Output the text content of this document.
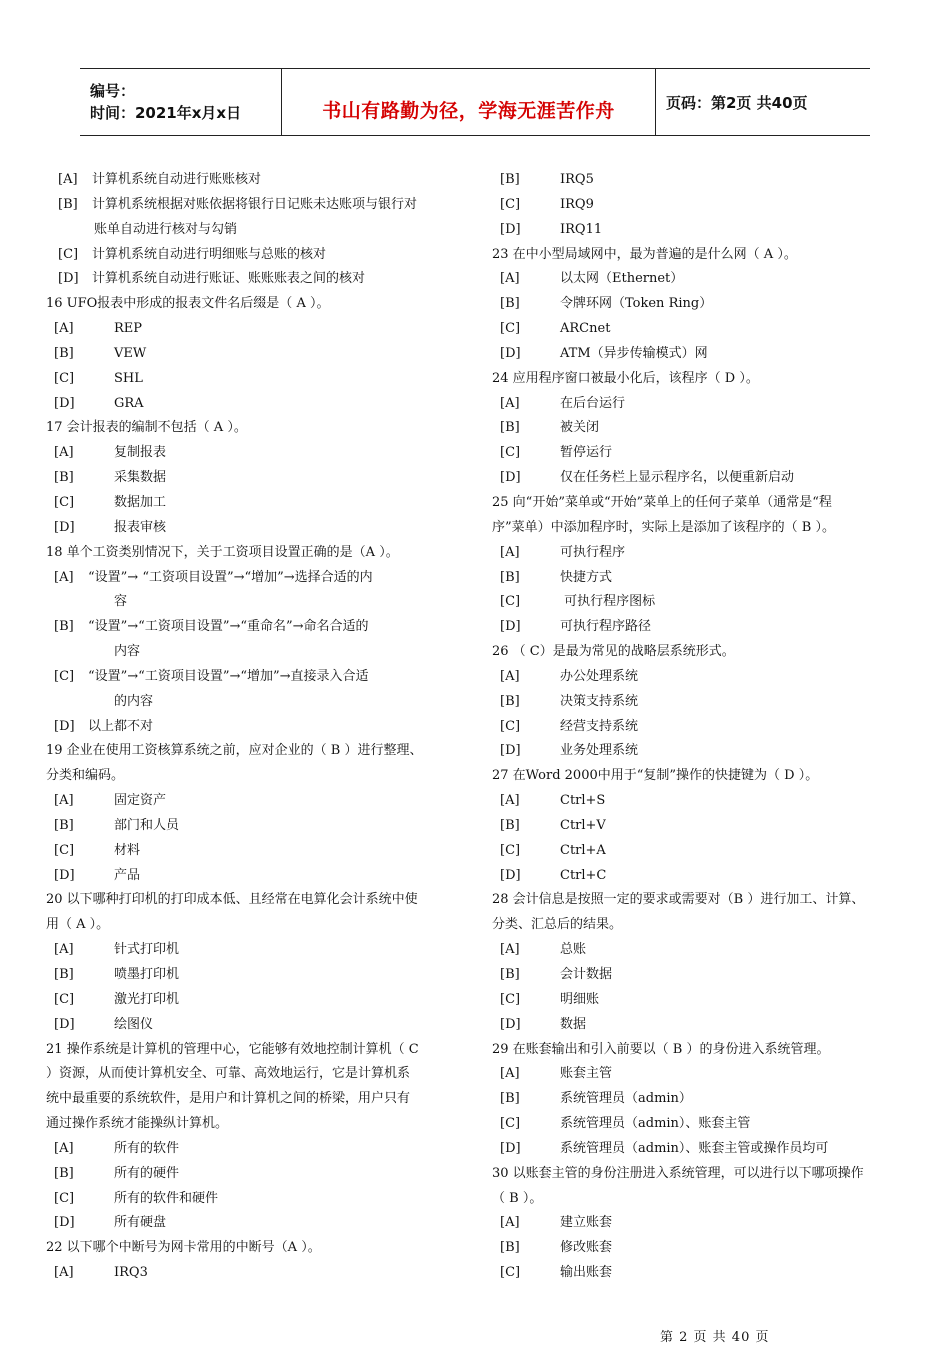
编号：
时间：2021年x月x日	书山有路勤为径，学海无涯苦作舟	页码：第2页 共40页
[A] 计算机系统自动进行账账核对
[B] 计算机系统根据对账依据将银行日记账未达账项与银行对
账单自动进行核对与勾销
[C] 计算机系统自动进行明细账与总账的核对
[D] 计算机系统自动进行账证、账账账表之间的核对
16 UFO报表中形成的报表文件名后缀是（ A ）。
[A]	REP
[B]	VEW
[C]	SHL
[D]	GRA
17 会计报表的编制不包括（ A ）。
[A]	复制报表
[B]	采集数据
[C]	数据加工
[D]	报表审核
18 单个工资类别情况下，关于工资项目设置正确的是（A ）。
[A] “设置”→ “工资项目设置”→“增加”→选择合适的内
容
[B] “设置”→“工资项目设置”→“重命名”→命名合适的
内容
[C] “设置”→“工资项目设置”→“增加”→直接录入合适
的内容
[D] 以上都不对
19 企业在使用工资核算系统之前，应对企业的（ B ）进行整理、
分类和编码。
[A]	固定资产
[B]	部门和人员
[C]	材料
[D]	产品
20 以下哪种打印机的打印成本低、且经常在电算化会计系统中使
用（ A ）。
[A]	针式打印机
[B]	喷墨打印机
[C]	激光打印机
[D]	绘图仪
21 操作系统是计算机的管理中心，它能够有效地控制计算机（ C
）资源，从而使计算机安全、可靠、高效地运行，它是计算机系
统中最重要的系统软件，是用户和计算机之间的桥梁，用户只有
通过操作系统才能操纵计算机。
[A]	所有的软件
[B]	所有的硬件
[C]	所有的软件和硬件
[D]	所有硬盘
22 以下哪个中断号为网卡常用的中断号（A ）。
[A]	IRQ3
[B]	IRQ5
[C]	IRQ9
[D]	IRQ11
23 在中小型局域网中，最为普遍的是什么网（ A ）。
[A]	以太网（Ethernet）
[B]	令牌环网（Token Ring）
[C]	ARCnet
[D]	ATM（异步传输模式）网
24 应用程序窗口被最小化后，该程序（ D ）。
[A]	在后台运行
[B]	被关闭
[C]	暂停运行
[D]	仅在任务栏上显示程序名，以便重新启动
25 向“开始”菜单或“开始”菜单上的任何子菜单（通常是“程
序”菜单）中添加程序时，实际上是添加了该程序的（ B ）。
[A]	可执行程序
[B]	快捷方式
[C]	可执行程序图标
[D]	可执行程序路径
26 （ C）是最为常见的战略层系统形式。
[A]	办公处理系统
[B]	决策支持系统
[C]	经营支持系统
[D]	业务处理系统
27 在Word 2000中用于“复制”操作的快捷键为（ D ）。
[A]	Ctrl+S
[B]	Ctrl+V
[C]	Ctrl+A
[D]	Ctrl+C
28 会计信息是按照一定的要求或需要对（B ）进行加工、计算、
分类、汇总后的结果。
[A]	总账
[B]	会计数据
[C]	明细账
[D]	数据
29 在账套输出和引入前要以（ B ）的身份进入系统管理。
[A]	账套主管
[B]	系统管理员（admin）
[C]	系统管理员（admin）、账套主管
[D]	系统管理员（admin）、账套主管或操作员均可
30 以账套主管的身份注册进入系统管理，可以进行以下哪项操作
（ B ）。
[A]	建立账套
[B]	修改账套
[C]	输出账套
第 2 页 共 40 页
